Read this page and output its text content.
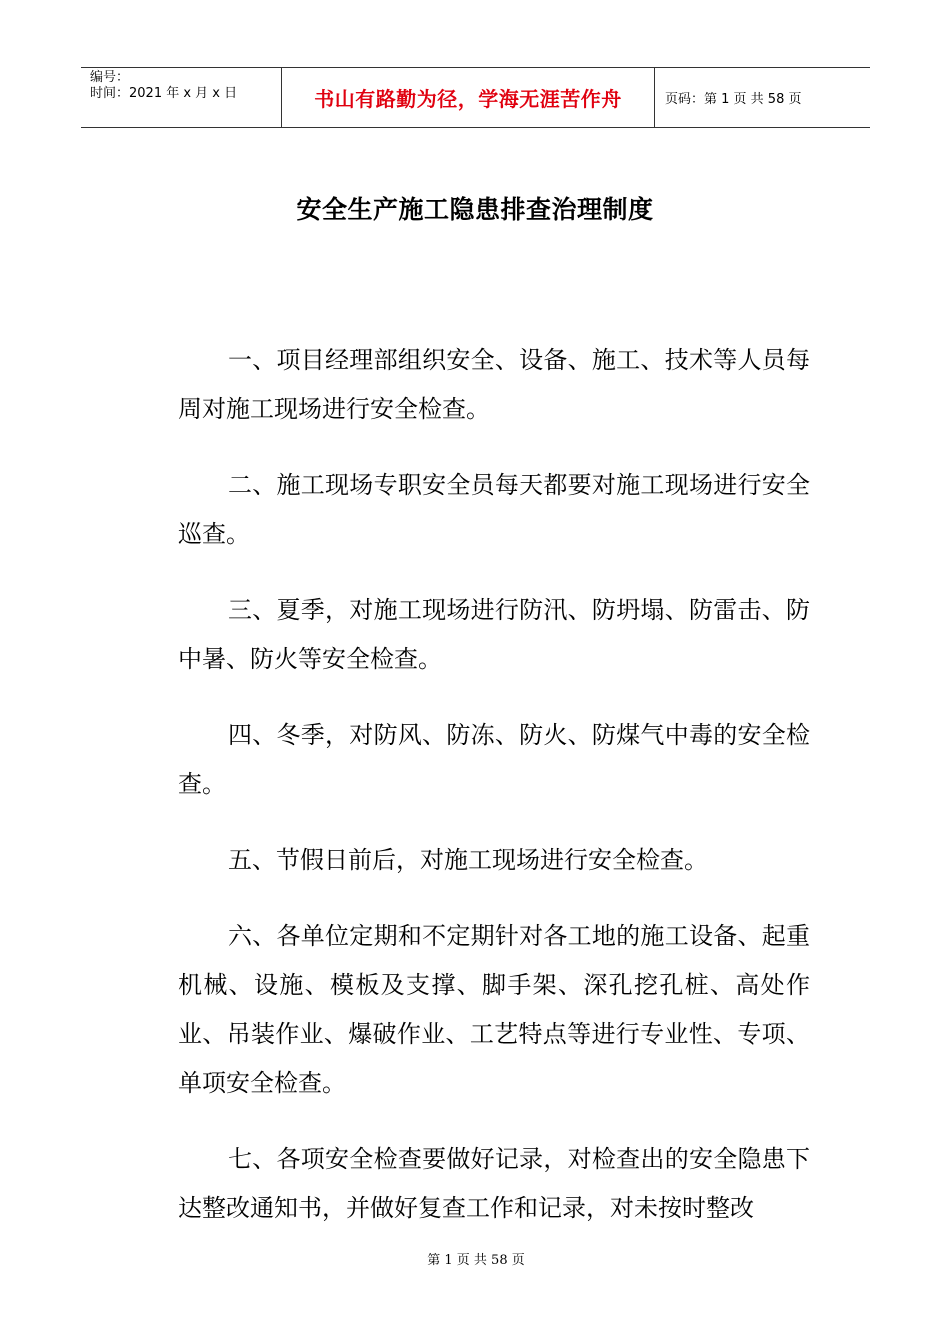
编号：
时间：2021 年 x 月 x 日	书山有路勤为径，学海无涯苦作舟	页码：第 1 页 共 58 页
安全生产施工隐患排查治理制度

一、项目经理部组织安全、设备、施工、技术等人员每周对施工现场进行安全检查。

二、施工现场专职安全员每天都要对施工现场进行安全巡查。

三、夏季，对施工现场进行防汛、防坍塌、防雷击、防中暑、防火等安全检查。

四、冬季，对防风、防冻、防火、防煤气中毒的安全检查。

五、节假日前后，对施工现场进行安全检查。

六、各单位定期和不定期针对各工地的施工设备、起重机械、设施、模板及支撑、脚手架、深孔挖孔桩、高处作业、吊装作业、爆破作业、工艺特点等进行专业性、专项、单项安全检查。

七、各项安全检查要做好记录，对检查出的安全隐患下达整改通知书，并做好复查工作和记录，对未按时整改

第 1 页 共 58 页
